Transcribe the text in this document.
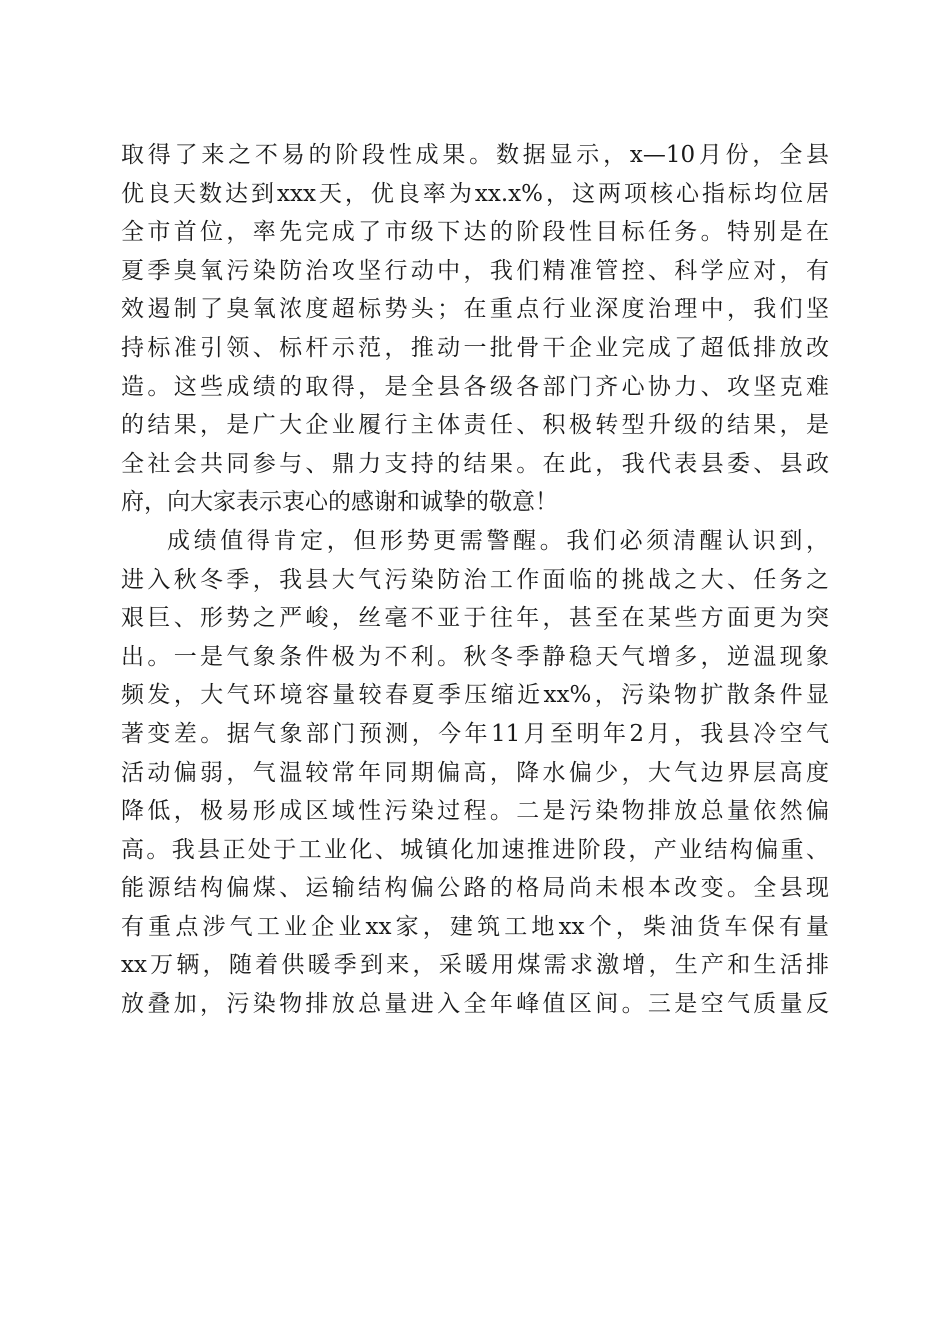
取得了来之不易的阶段性成果。数据显示，x—10月份，全县
优良天数达到xxx天，优良率为xx.x%，这两项核心指标均位居
全市首位，率先完成了市级下达的阶段性目标任务。特别是在
夏季臭氧污染防治攻坚行动中，我们精准管控、科学应对，有
效遏制了臭氧浓度超标势头；在重点行业深度治理中，我们坚
持标准引领、标杆示范，推动一批骨干企业完成了超低排放改
造。这些成绩的取得，是全县各级各部门齐心协力、攻坚克难
的结果，是广大企业履行主体责任、积极转型升级的结果，是
全社会共同参与、鼎力支持的结果。在此，我代表县委、县政
府，向大家表示衷心的感谢和诚挚的敬意！
成绩值得肯定，但形势更需警醒。我们必须清醒认识到，
进入秋冬季，我县大气污染防治工作面临的挑战之大、任务之
艰巨、形势之严峻，丝毫不亚于往年，甚至在某些方面更为突
出。一是气象条件极为不利。秋冬季静稳天气增多，逆温现象
频发，大气环境容量较春夏季压缩近xx%，污染物扩散条件显
著变差。据气象部门预测，今年11月至明年2月，我县冷空气
活动偏弱，气温较常年同期偏高，降水偏少，大气边界层高度
降低，极易形成区域性污染过程。二是污染物排放总量依然偏
高。我县正处于工业化、城镇化加速推进阶段，产业结构偏重、
能源结构偏煤、运输结构偏公路的格局尚未根本改变。全县现
有重点涉气工业企业xx家，建筑工地xx个，柴油货车保有量
xx万辆，随着供暖季到来，采暖用煤需求激增，生产和生活排
放叠加，污染物排放总量进入全年峰值区间。三是空气质量反
